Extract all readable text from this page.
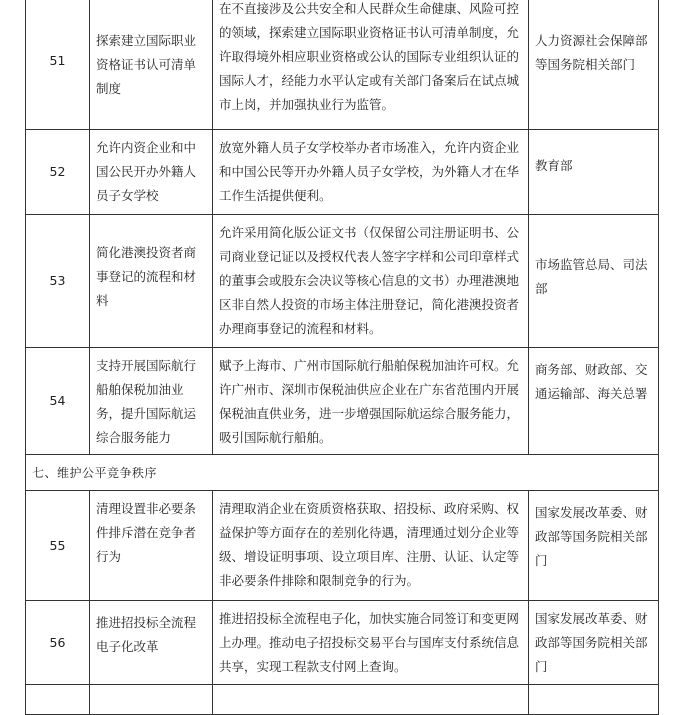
51	探索建立国际职业资格证书认可清单制度	在不直接涉及公共安全和人民群众生命健康、风险可控的领域，探索建立国际职业资格证书认可清单制度，允许取得境外相应职业资格或公认的国际专业组织认证的国际人才，经能力水平认定或有关部门备案后在试点城市上岗，并加强执业行为监管。	人力资源社会保障部等国务院相关部门
52	允许内资企业和中国公民开办外籍人员子女学校	放宽外籍人员子女学校举办者市场准入，允许内资企业和中国公民等开办外籍人员子女学校，为外籍人才在华工作生活提供便利。	教育部
53	简化港澳投资者商事登记的流程和材料	允许采用简化版公证文书（仅保留公司注册证明书、公司商业登记证以及授权代表人签字字样和公司印章样式的董事会或股东会决议等核心信息的文书）办理港澳地区非自然人投资的市场主体注册登记，简化港澳投资者办理商事登记的流程和材料。	市场监管总局、司法部
54	支持开展国际航行船舶保税加油业务，提升国际航运综合服务能力	赋予上海市、广州市国际航行船舶保税加油许可权。允许广州市、深圳市保税油供应企业在广东省范围内开展保税油直供业务，进一步增强国际航运综合服务能力，吸引国际航行船舶。	商务部、财政部、交通运输部、海关总署
七、维护公平竞争秩序			
55	清理设置非必要条件排斥潜在竞争者行为	清理取消企业在资质资格获取、招投标、政府采购、权益保护等方面存在的差别化待遇，清理通过划分企业等级、增设证明事项、设立项目库、注册、认证、认定等非必要条件排除和限制竞争的行为。	国家发展改革委、财政部等国务院相关部门
56	推进招投标全流程电子化改革	推进招投标全流程电子化，加快实施合同签订和变更网上办理。推动电子招投标交易平台与国库支付系统信息共享，实现工程款支付网上查询。	国家发展改革委、财政部等国务院相关部门
